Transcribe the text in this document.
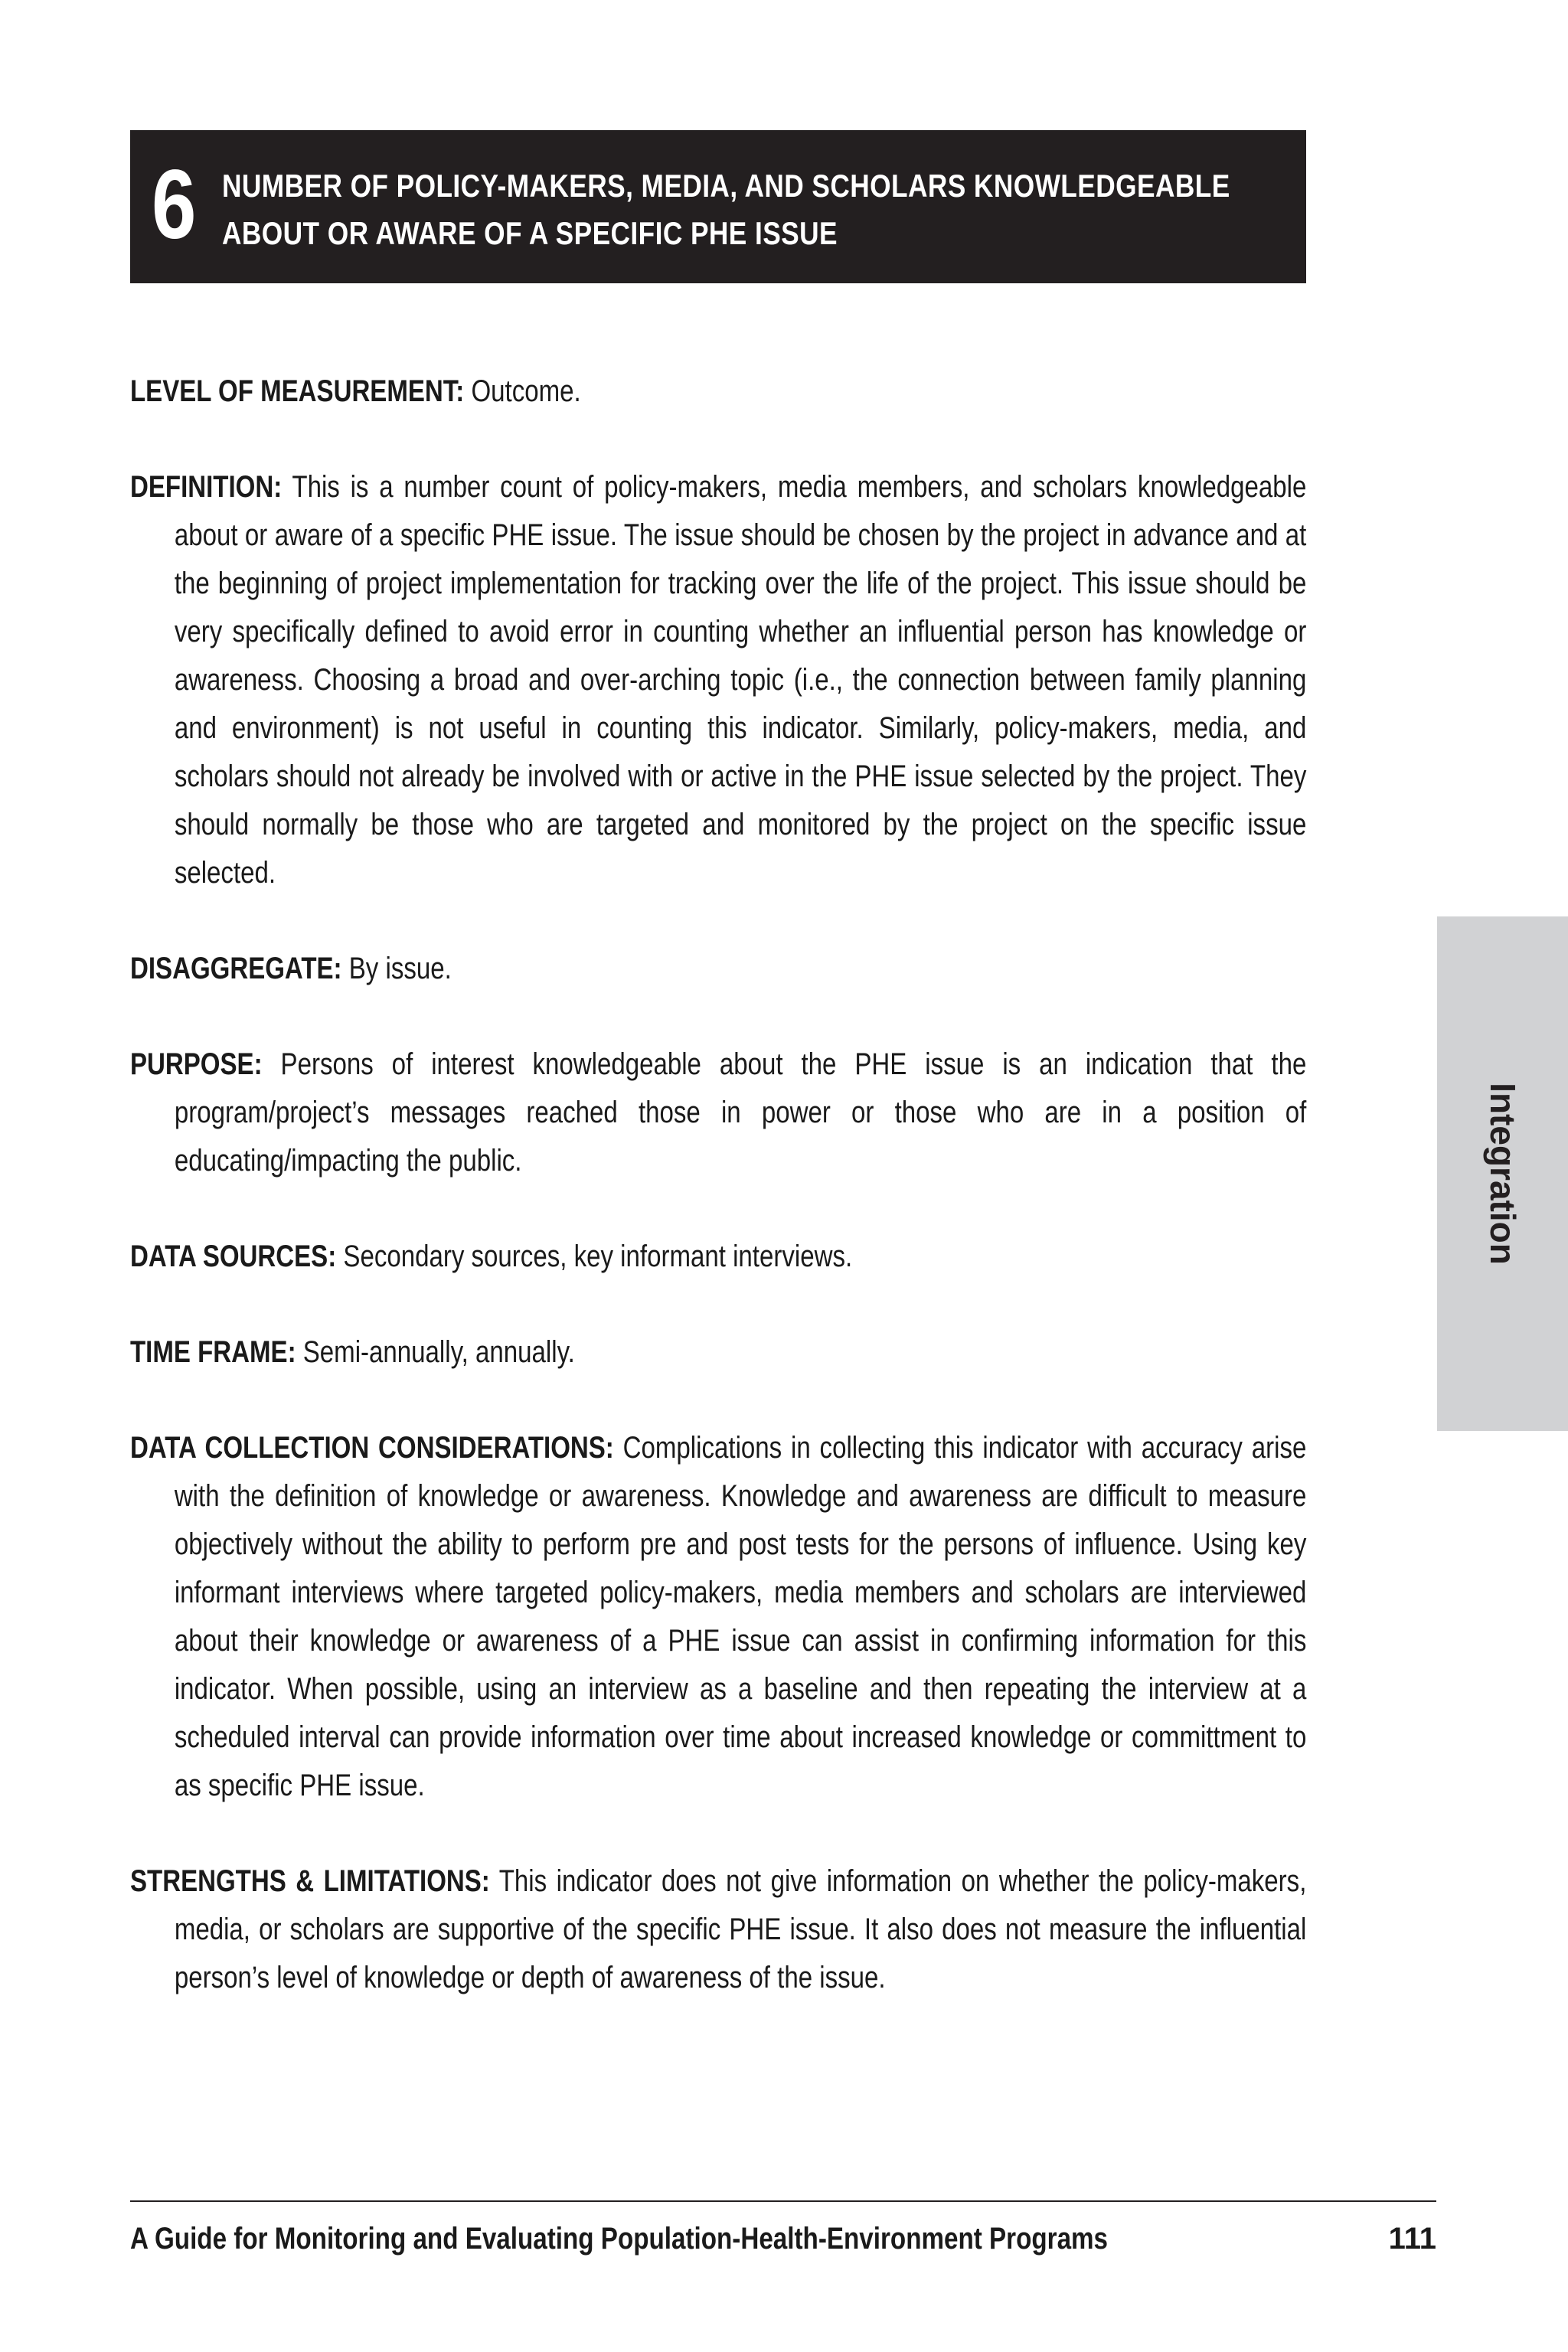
6 NUMBER OF POLICY-MAKERS, MEDIA, AND SCHOLARS KNOWLEDGEABLE
ABOUT OR AWARE OF A SPECIFIC PHE ISSUE

LEVEL OF MEASUREMENT: Outcome.

DEFINITION: This is a number count of policy-makers, media members, and scholars knowledgeable about or aware of a specific PHE issue. The issue should be chosen by the project in advance and at the beginning of project implementation for tracking over the life of the project. This issue should be very specifically defined to avoid error in counting whether an influential person has knowledge or awareness. Choosing a broad and over-arching topic (i.e., the connection between family planning and environment) is not useful in counting this indicator. Similarly, policy-makers, media, and scholars should not already be involved with or active in the PHE issue selected by the project. They should normally be those who are targeted and monitored by the project on the specific issue selected.

DISAGGREGATE: By issue.

PURPOSE: Persons of interest knowledgeable about the PHE issue is an indication that the program/project’s messages reached those in power or those who are in a position of educating/impacting the public.

DATA SOURCES: Secondary sources, key informant interviews.

TIME FRAME: Semi-annually, annually.

DATA COLLECTION CONSIDERATIONS: Complications in collecting this indicator with accuracy arise with the definition of knowledge or awareness. Knowledge and awareness are difficult to measure objectively without the ability to perform pre and post tests for the persons of influence. Using key informant interviews where targeted policy-makers, media members and scholars are interviewed about their knowledge or awareness of a PHE issue can assist in confirming information for this indicator. When possible, using an interview as a baseline and then repeating the interview at a scheduled interval can provide information over time about increased knowledge or committment to as specific PHE issue.

STRENGTHS & LIMITATIONS: This indicator does not give information on whether the policy-makers, media, or scholars are supportive of the specific PHE issue. It also does not measure the influential person’s level of knowledge or depth of awareness of the issue.

Integration
A Guide for Monitoring and Evaluating Population-Health-Environment Programs	111
